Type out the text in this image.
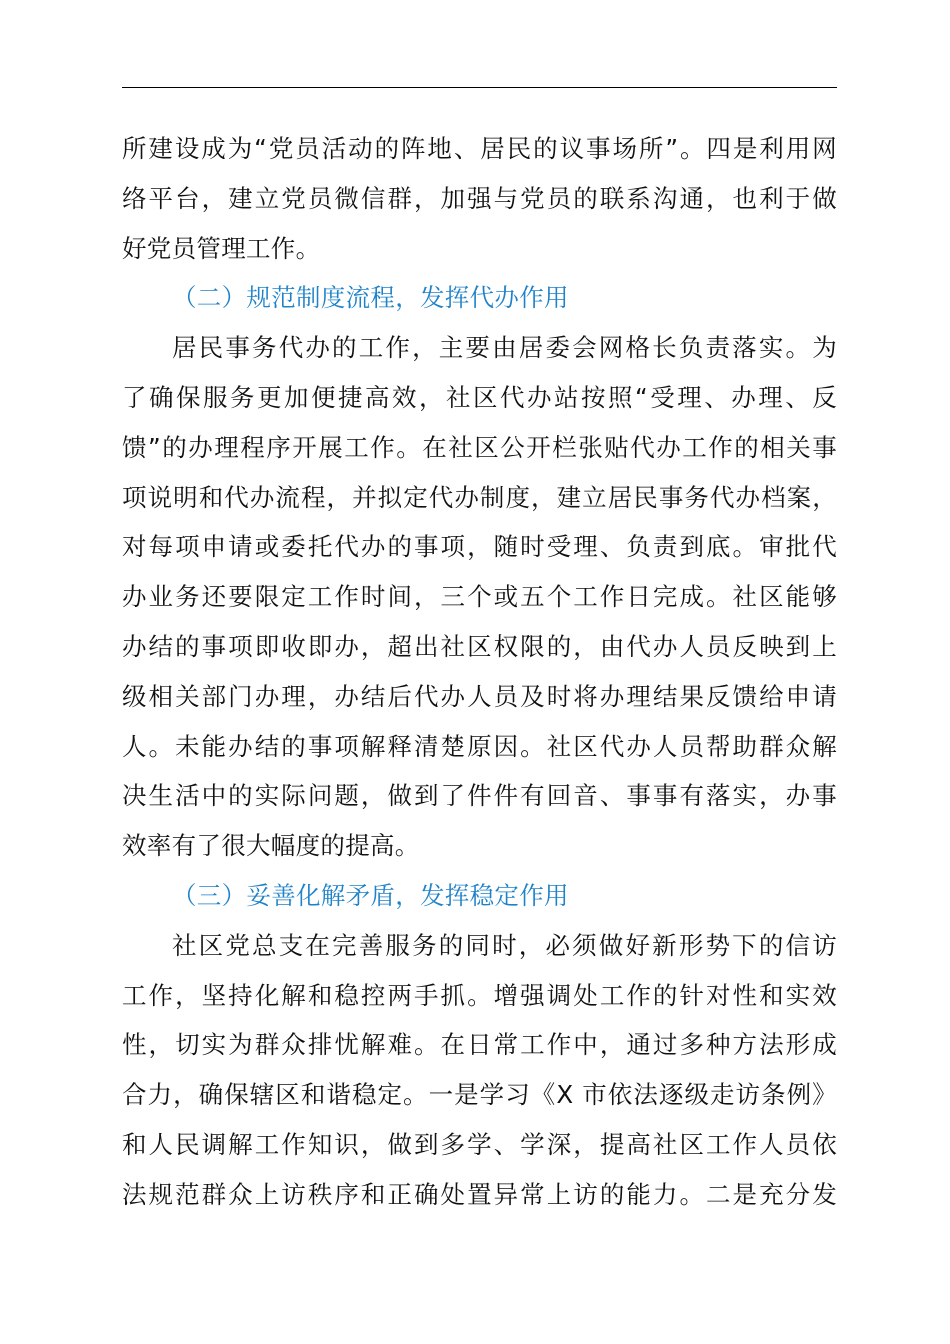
所建设成为“党员活动的阵地、居民的议事场所”。四是利用网
络平台，建立党员微信群，加强与党员的联系沟通，也利于做
好党员管理工作。
（二）规范制度流程，发挥代办作用
居民事务代办的工作，主要由居委会网格长负责落实。为
了确保服务更加便捷高效，社区代办站按照“受理、办理、反
馈”的办理程序开展工作。在社区公开栏张贴代办工作的相关事
项说明和代办流程，并拟定代办制度，建立居民事务代办档案，
对每项申请或委托代办的事项，随时受理、负责到底。审批代
办业务还要限定工作时间，三个或五个工作日完成。社区能够
办结的事项即收即办，超出社区权限的，由代办人员反映到上
级相关部门办理，办结后代办人员及时将办理结果反馈给申请
人。未能办结的事项解释清楚原因。社区代办人员帮助群众解
决生活中的实际问题，做到了件件有回音、事事有落实，办事
效率有了很大幅度的提高。
（三）妥善化解矛盾，发挥稳定作用
社区党总支在完善服务的同时，必须做好新形势下的信访
工作，坚持化解和稳控两手抓。增强调处工作的针对性和实效
性，切实为群众排忧解难。在日常工作中，通过多种方法形成
合力，确保辖区和谐稳定。一是学习《X 市依法逐级走访条例》
和人民调解工作知识，做到多学、学深，提高社区工作人员依
法规范群众上访秩序和正确处置异常上访的能力。二是充分发
